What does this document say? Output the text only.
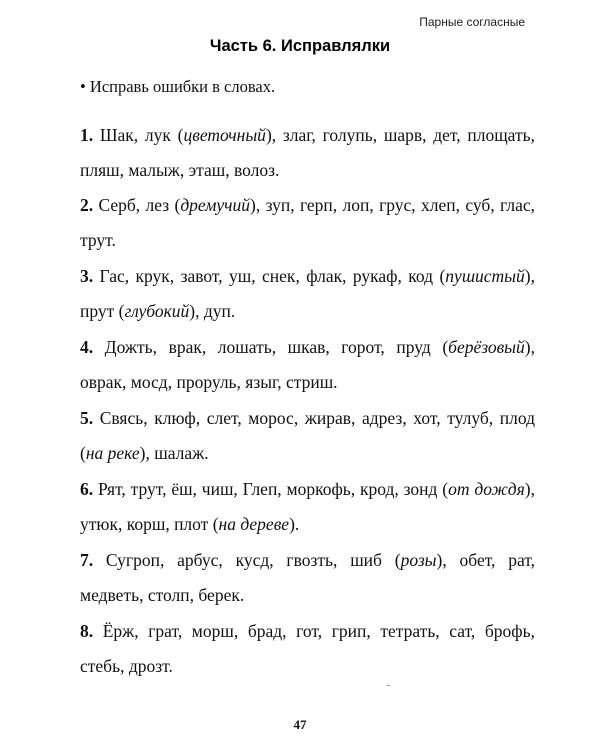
Парные согласные
Часть 6. Исправлялки
• Исправь ошибки в словах.
1. Шак, лук (цветочный), злаг, голупь, шарв, дет, площать, пляш, малыж, эташ, волоз.
2. Серб, лез (дремучий), зуп, герп, лоп, грус, хлеп, суб, глас, трут.
3. Гас, крук, завот, уш, снек, флак, рукаф, код (пушистый), прут (глубокий), дуп.
4. Дожть, врак, лошать, шкав, горот, пруд (берёзовый), оврак, мосд, проруль, языг, стриш.
5. Свясь, клюф, слет, морос, жирав, адрез, хот, тулуб, плод (на реке), шалаж.
6. Рят, трут, ёш, чиш, Глеп, моркофь, крод, зонд (от дождя), утюк, корш, плот (на дереве).
7. Сугроп, арбус, кусд, гвозть, шиб (розы), обет, рат, медветь, столп, берек.
8. Ёрж, грат, морш, брад, гот, грип, тетрать, сат, брофь, стебь, дрозт.
47
